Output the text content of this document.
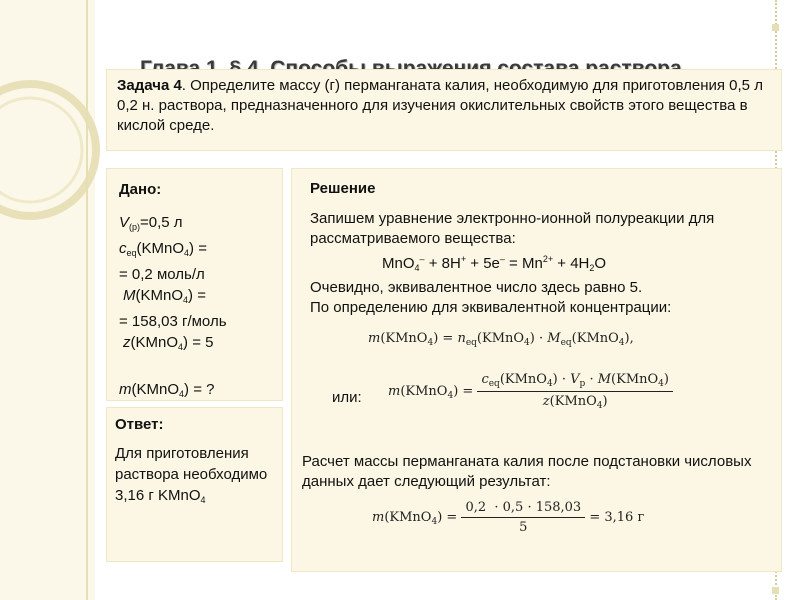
Задача 4. Определите массу (г) перманганата калия, необходимую для приготовления 0,5 л 0,2 н. раствора, предназначенного для изучения окислительных свойств этого вещества в кислой среде.

Дано:

$V_{(р)}=0,5$ л
$c_{eq}(KMnO_4)$ =
= 0,2 моль/л
M(KMnO$_4$) =
= 158,03 г/моль
z(KMnO$_4$) = 5
m(KMnO$_4$) = ?

Ответ:

Для приготовления раствора необходимо 3,16 г KMnO$_4$

Решение

Запишем уравнение электронно-ионной полуреакции для рассматриваемого вещества:
$MnO_4^- + 8H^+ + 5e^- = Mn^{2+} + 4H_2O$
Очевидно, эквивалентное число здесь равно 5.
По определению для эквивалентной концентрации:
m(KMnO$_4$) = $n_{eq}(KMnO_4)$ · $M_{eq}(KMnO_4)$,
или: m(KMnO$_4$) = $\frac{c_{eq}(KMnO_4) \cdot V_р \cdot M(KMnO_4)}{z(KMnO_4)}$
Расчет массы перманганата калия после подстановки числовых данных дает следующий результат:
m(KMnO$_4$) = $\frac{0,2 \cdot 0,5 \cdot 158,03}{5} = 3,16$ г
